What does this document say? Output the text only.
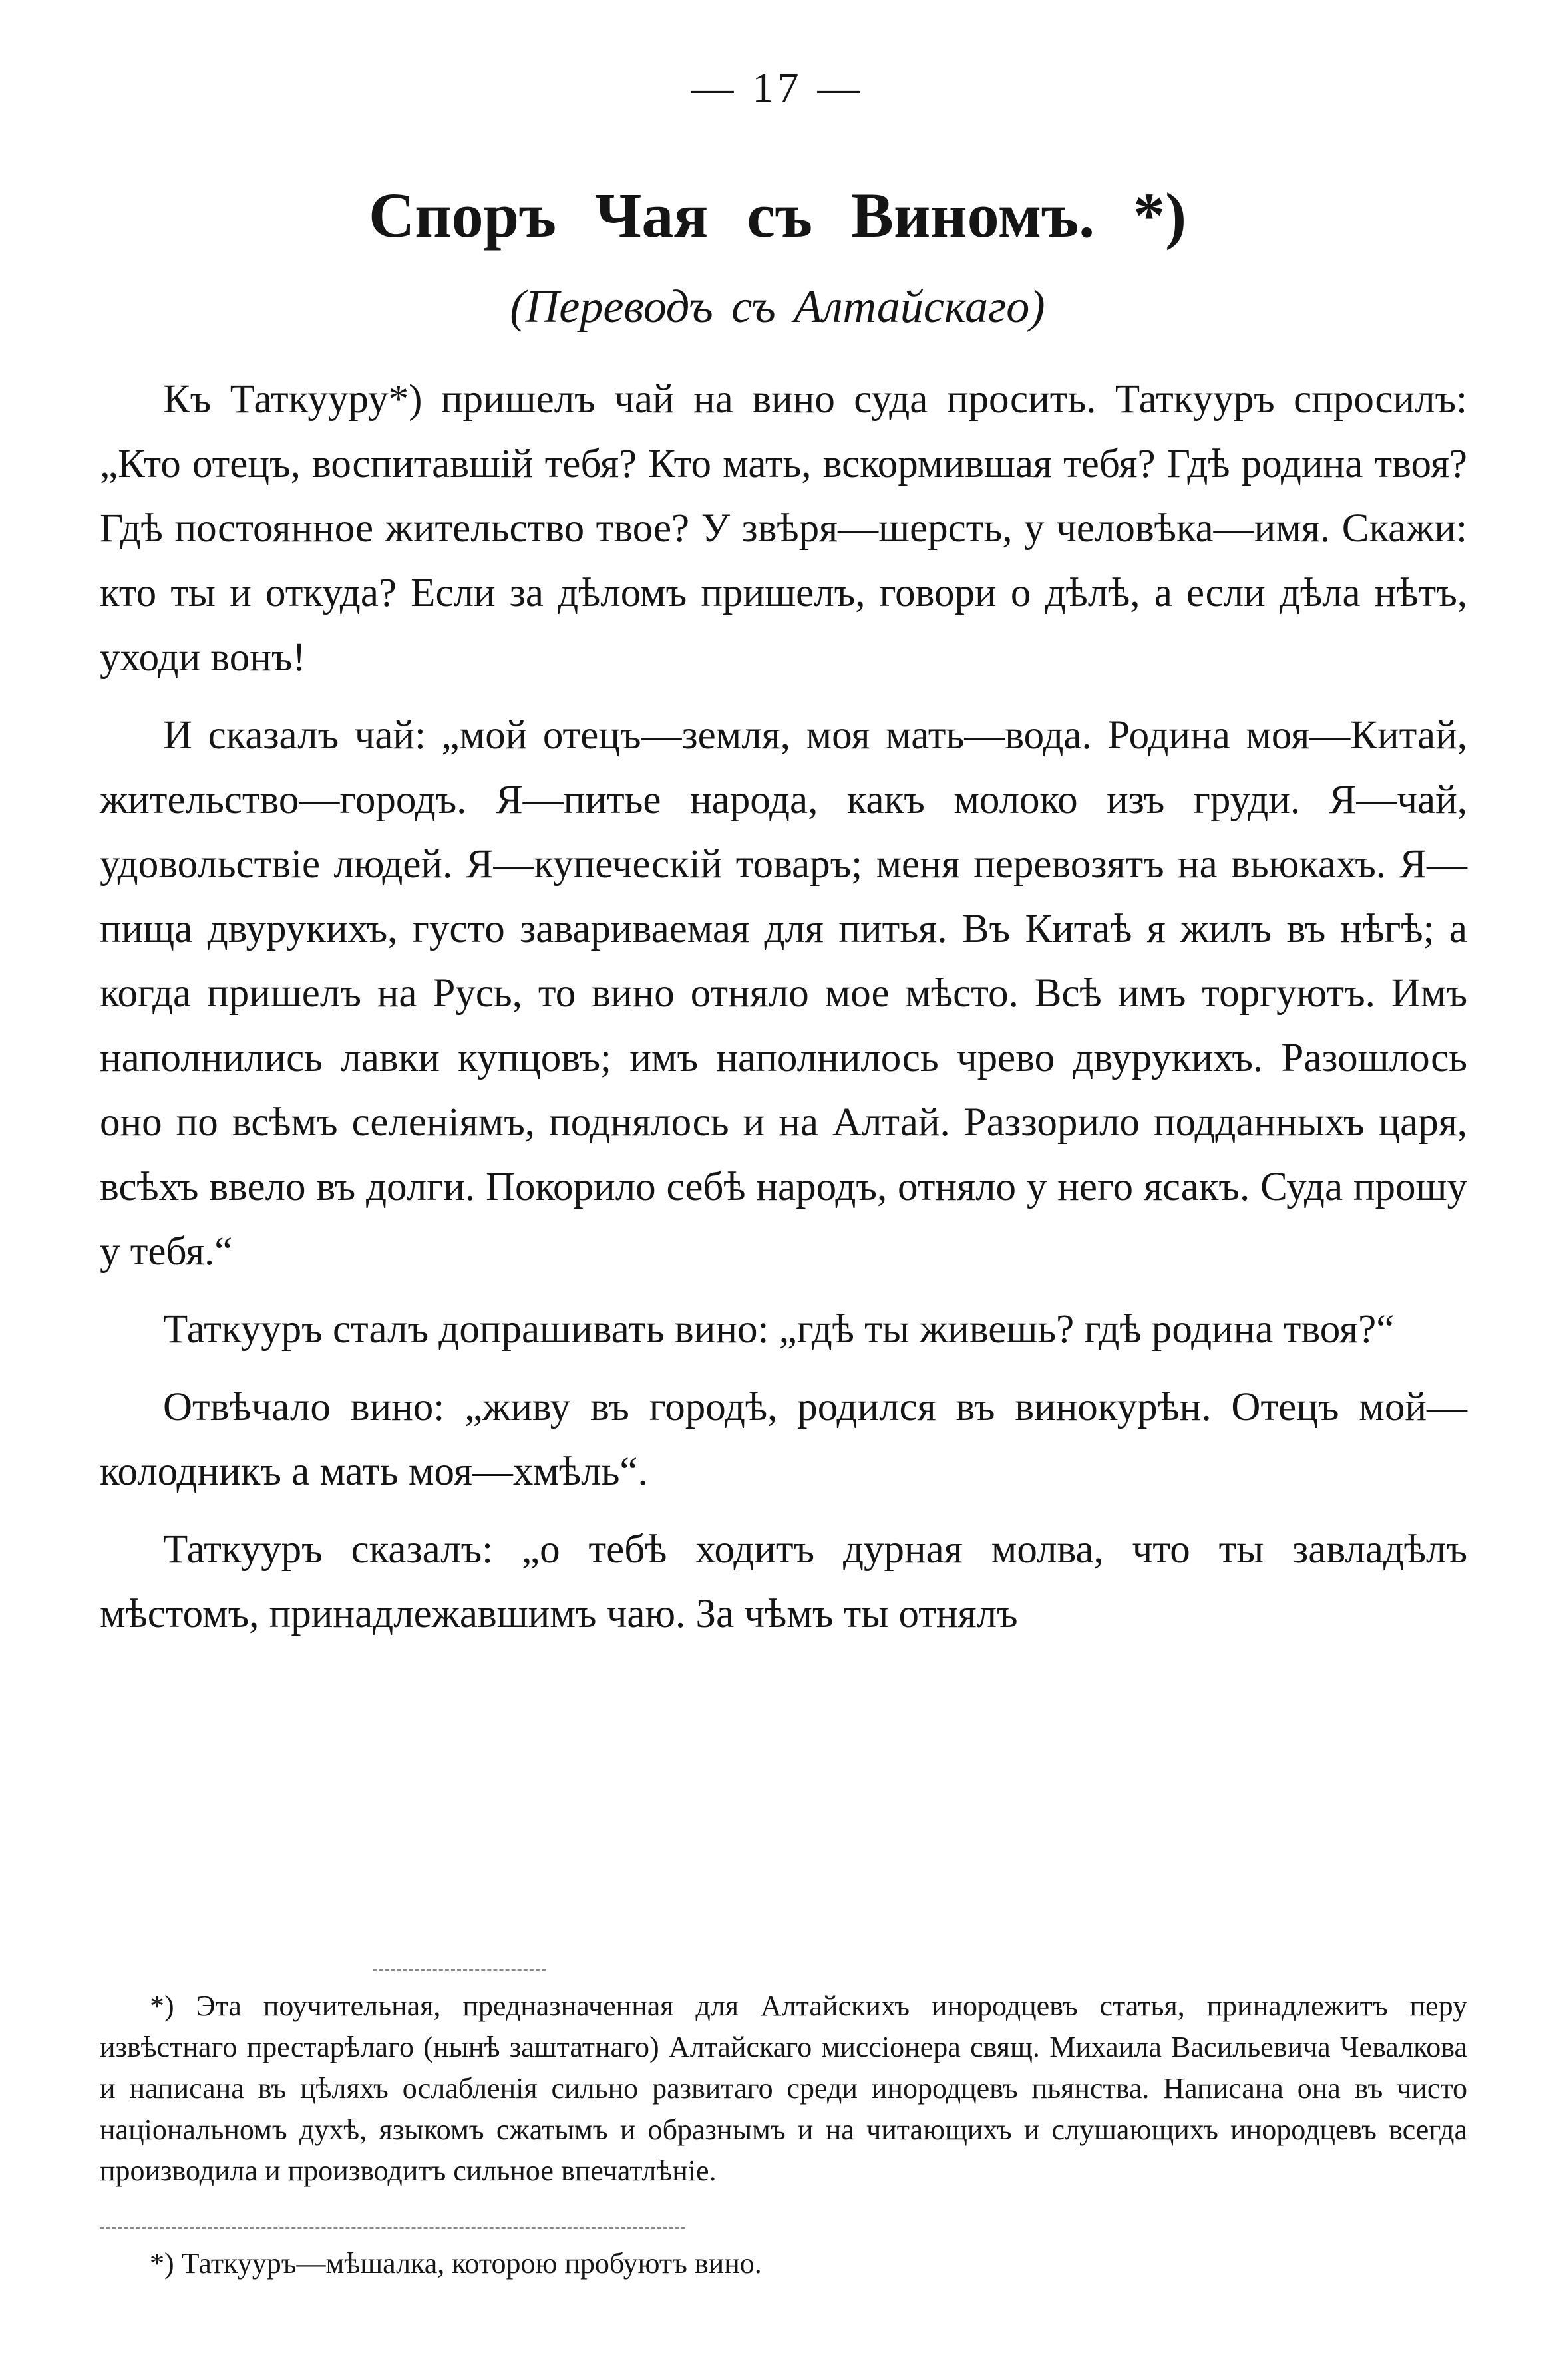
— 17 —
Споръ Чая съ Виномъ. *)
(Переводъ съ Алтайскаго)

Къ Таткууру*) пришелъ чай на вино суда просить. Таткууръ спросилъ: „Кто отецъ, воспитавшій тебя? Кто мать, вскормившая тебя? Гдѣ родина твоя? Гдѣ постоянное жительство твое? У звѣря—шерсть, у человѣка—имя. Скажи: кто ты и откуда? Если за дѣломъ пришелъ, говори о дѣлѣ, а если дѣла нѣтъ, уходи вонъ!

И сказалъ чай: „мой отецъ—земля, моя мать—вода. Родина моя—Китай, жительство—городъ. Я—питье народа, какъ молоко изъ груди. Я—чай, удовольствіе людей. Я—купеческій товаръ; меня перевозятъ на вьюкахъ. Я—пища двурукихъ, густо завариваемая для питья. Въ Китаѣ я жилъ въ нѣгѣ; а когда пришелъ на Русь, то вино отняло мое мѣсто. Всѣ имъ торгуютъ. Имъ наполнились лавки купцовъ; имъ наполнилось чрево двурукихъ. Разошлось оно по всѣмъ селеніямъ, поднялось и на Алтай. Раззорило подданныхъ царя, всѣхъ ввело въ долги. Покорило себѣ народъ, отняло у него ясакъ. Суда прошу у тебя.“

Таткууръ сталъ допрашивать вино: „гдѣ ты живешь? гдѣ родина твоя?“

Отвѣчало вино: „живу въ городѣ, родился въ винокурѣн. Отецъ мой—колодникъ а мать моя—хмѣль“.

Таткууръ сказалъ: „о тебѣ ходитъ дурная молва, что ты завладѣлъ мѣстомъ, принадлежавшимъ чаю. За чѣмъ ты отнялъ

*) Эта поучительная, предназначенная для Алтайскихъ инородцевъ статья, принадлежитъ перу извѣстнаго престарѣлаго (нынѣ заштатнаго) Алтайскаго миссіонера свящ. Михаила Васильевича Чевалкова и написана въ цѣляхъ ослабленія сильно развитаго среди инородцевъ пьянства. Написана она въ чисто національномъ духѣ, языкомъ сжатымъ и образнымъ и на читающихъ и слушающихъ инородцевъ всегда производила и производитъ сильное впечатлѣніе.
*) Таткууръ—мѣшалка, которою пробуютъ вино.
